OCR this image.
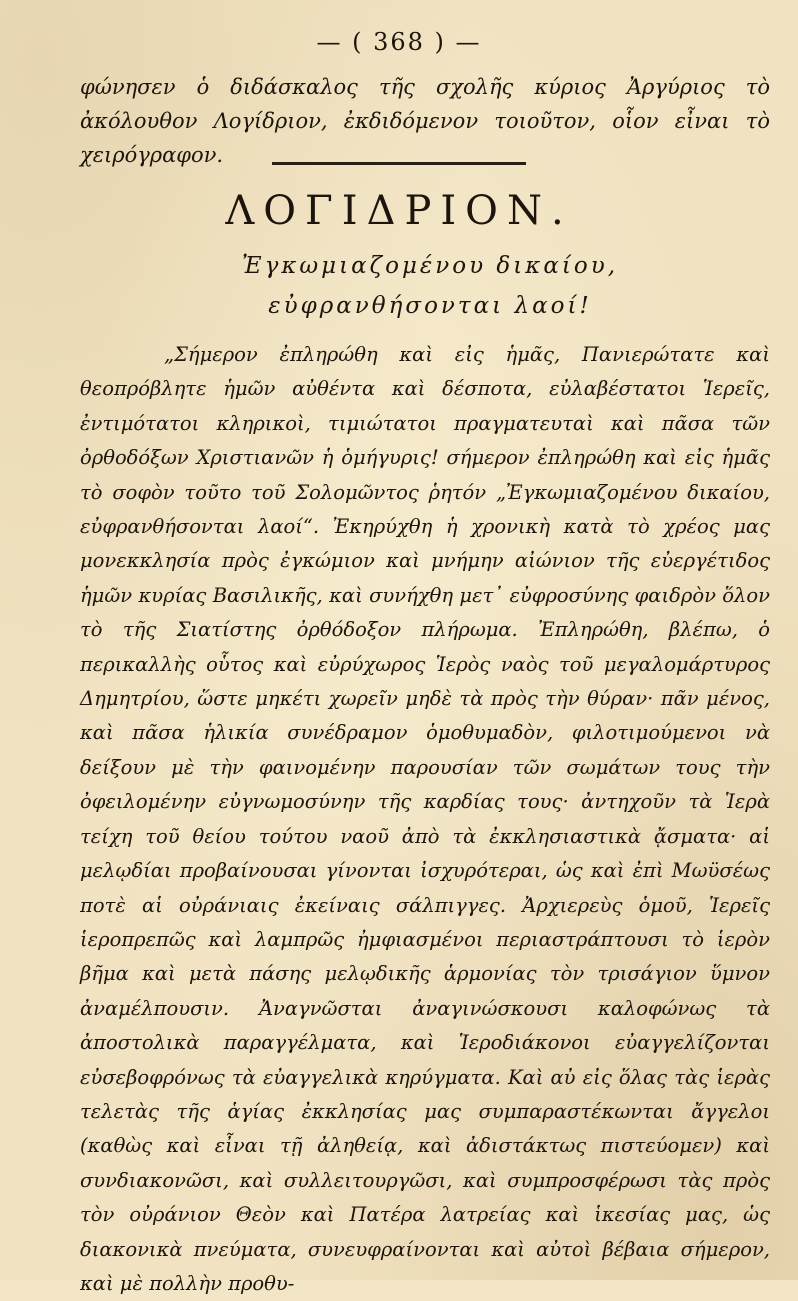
— ( 368 ) —
φώνησεν ὁ διδάσκαλος τῆς σχολῆς κύριος Ἀργύριος τὸ ἀκόλουθον Λογίδριον, ἐκδιδόμενον τοιοῦτον, οἷον εἶναι τὸ χειρόγραφον.
ΛΟΓΙΔΡΙΟΝ.
Ἐγκωμιαζομένου δικαίου, εὐφρανθήσονται λαοί!

„Σήμερον ἐπληρώθη καὶ εἰς ἡμᾶς, Πανιερώτατε καὶ θεοπρόβλητε ἡμῶν αὐθέντα καὶ δέσποτα, εὐλαβέστατοι Ἱερεῖς, ἐντιμότατοι κληρικοὶ, τιμιώτατοι πραγματευταὶ καὶ πᾶσα τῶν ὀρθοδόξων Χριστιανῶν ἡ ὁμήγυρις! σήμερον ἐπληρώθη καὶ εἰς ἡμᾶς τὸ σοφὸν τοῦτο τοῦ Σολομῶντος ῥητόν „Ἐγκωμιαζομένου δικαίου, εὐφρανθήσονται λαοί“. Ἐκηρύχθη ἡ χρονικὴ κατὰ τὸ χρέος μας μονεκκλησία πρὸς ἐγκώμιον καὶ μνήμην αἰώνιον τῆς εὐεργέτιδος ἡμῶν κυρίας Βασιλικῆς, καὶ συνήχθη μετ᾽ εὐφροσύνης φαιδρὸν ὅλον τὸ τῆς Σιατίστης ὀρθόδοξον πλήρωμα. Ἐπληρώθη, βλέπω, ὁ περικαλλὴς οὗτος καὶ εὐρύχωρος Ἱερὸς ναὸς τοῦ μεγαλομάρτυρος Δημητρίου, ὥστε μηκέτι χωρεῖν μηδὲ τὰ πρὸς τὴν θύραν· πᾶν μένος, καὶ πᾶσα ἡλικία συνέδραμον ὁμοθυμαδὸν, φιλοτιμούμενοι νὰ δείξουν μὲ τὴν φαινομένην παρουσίαν τῶν σωμάτων τους τὴν ὀφειλομένην εὐγνωμοσύνην τῆς καρδίας τους· ἀντηχοῦν τὰ Ἱερὰ τείχη τοῦ θείου τούτου ναοῦ ἀπὸ τὰ ἐκκλησιαστικὰ ᾄσματα· αἱ μελῳδίαι προβαίνουσαι γίνονται ἰσχυρότεραι, ὡς καὶ ἐπὶ Μωϋσέως ποτὲ αἱ οὐράνιαις ἐκείναις σάλπιγγες. Ἀρχιερεὺς ὁμοῦ, Ἱερεῖς ἱεροπρεπῶς καὶ λαμπρῶς ἠμφιασμένοι περιαστράπτουσι τὸ ἱερὸν βῆμα καὶ μετὰ πάσης μελῳδικῆς ἁρμονίας τὸν τρισάγιον ὕμνον ἀναμέλπουσιν. Ἀναγνῶσται ἀναγινώσκουσι καλοφώνως τὰ ἀποστολικὰ παραγγέλματα, καὶ Ἱεροδιάκονοι εὐαγγελίζονται εὐσεβοφρόνως τὰ εὐαγγελικὰ κηρύγματα. Καὶ αὐ εἰς ὅλας τὰς ἱερὰς τελετὰς τῆς ἁγίας ἐκκλησίας μας συμπαραστέκωνται ἄγγελοι (καθὼς καὶ εἶναι τῇ ἀληθείᾳ, καὶ ἀδιστάκτως πιστεύομεν) καὶ συνδιακονῶσι, καὶ συλλειτουργῶσι, καὶ συμπροσφέρωσι τὰς πρὸς τὸν οὐράνιον Θεὸν καὶ Πατέρα λατρείας καὶ ἱκεσίας μας, ὡς διακονικὰ πνεύματα, συνευφραίνονται καὶ αὐτοὶ βέβαια σήμερον, καὶ μὲ πολλὴν προθυ-
